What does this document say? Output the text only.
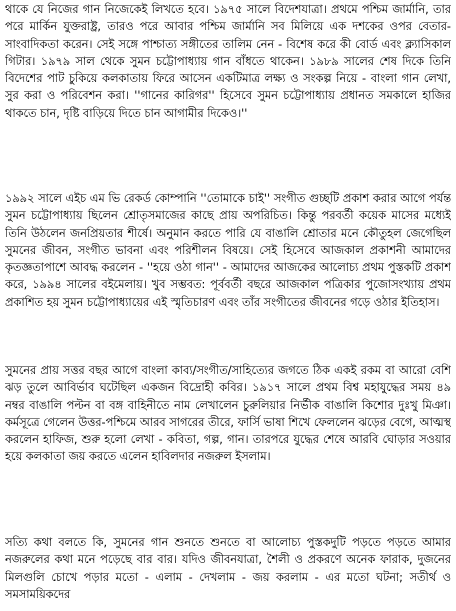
থাকে যে নিজের গান নিজেকেই লিখতে হবে। ১৯৭৫ সালে বিদেশযাত্রা। প্রথমে পশ্চিম জার্মানি, তার পরে মার্কিন যুক্তরাষ্ট্র, তারও পরে আবার পশ্চিম জার্মানি সব মিলিয়ে এক দশকের ওপর বেতার-সাংবাদিকতা করেন। সেই সঙ্গে পাশ্চাত্য সঙ্গীতের তালিম নেন - বিশেষ করে কী বোর্ড এবং ক্ল্যাসিকাল গিটার। ১৯৭৯ সাল থেকে সুমন চট্টোপাধ্যায় গান বাঁধতে থাকেন। ১৯৮৯ সালের শেষ দিকে তিনি বিদেশের পাট চুকিয়ে কলকাতায় ফিরে আসেন একটিমাত্র লক্ষ্য ও সংকল্প নিয়ে - বাংলা গান লেখা, সুর করা ও পরিবেশন করা। ''গানের কারিগর'' হিসেবে সুমন চট্টোপাধ্যায় প্রধানত সমকালে হাজির থাকতে চান, দৃষ্টি বাড়িয়ে দিতে চান আগামীর দিকেও।''

১৯৯২ সালে এইচ এম ভি রেকর্ড কোম্পানি ''তোমাকে চাই'' সংগীত গুচ্ছটি প্রকাশ করার আগে পর্যন্ত সুমন চট্টোপাধ্যায় ছিলেন শ্রোতৃসমাজের কাছে প্রায় অপরিচিত। কিন্তু পরবর্তী কয়েক মাসের মধ্যেই তিনি উঠলেন জনপ্রিয়তার শীর্ষে। অনুমান করতে পারি যে বাঙালি শ্রোতার মনে কৌতুহল জেগেছিল সুমনের জীবন, সংগীত ভাবনা এবং পরিশীলন বিষয়ে। সেই হিসেবে আজকাল প্রকাশনী আমাদের কৃতজ্ঞতাপাশে আবদ্ধ করলেন - ''হয়ে ওঠা গান'' - আমাদের আজকের আলোচ্য প্রথম পুস্তকটি প্রকাশ করে, ১৯৯৪ সালের বইমেলায়। খুব সম্ভবত: পূর্ববর্তী বছরে আজকাল পত্রিকার পুজোসংখ্যায় প্রথম প্রকাশিত হয় সুমন চট্টোপাধ্যায়ের এই স্মৃতিচারণ এবং তাঁর সংগীতের জীবনের গড়ে ওঠার ইতিহাস।

সুমনের প্রায় সত্তর বছর আগে বাংলা কাব্য/সংগীত/সাহিত্যের জগতে ঠিক একই রকম বা আরো বেশি ঝড় তুলে আবির্ভাব ঘটেছিল একজন বিদ্রোহী কবির। ১৯১৭ সালে প্রথম বিশ্ব মহাযুদ্ধের সময় ৪৯ নম্বর বাঙালি পল্টন বা বঙ্গ বাহিনীতে নাম লেখালেন চুরুলিয়ার নির্ভীক বাঙালি কিশোর দুঃখু মিঞা। কর্মসূত্রে গেলেন উত্তর-পশ্চিমে আরব সাগরের তীরে, ফার্সি ভাষা শিখে ফেললেন ঝড়ের বেগে, আত্মস্থ করলেন হাফিজ, শুরু হলো লেখা - কবিতা, গল্প, গান। তারপরে যুদ্ধের শেষে আরবি ঘোড়ার সওয়ার হয়ে কলকাতা জয় করতে এলেন হাবিলদার নজরুল ইসলাম।

সত্যি কথা বলতে কি, সুমনের গান শুনতে শুনতে বা আলোচ্য পুস্তকদুটি পড়তে পড়তে আমার নজরুলের কথা মনে পড়েছে বার বার। যদিও জীবনযাত্রা, শৈলী ও প্রকরণে অনেক ফারাক, দুজনের মিলগুলি চোখে পড়ার মতো - এলাম - দেখলাম - জয় করলাম - এর মতো ঘটনা; সতীর্থ ও সমসাময়িকদের
